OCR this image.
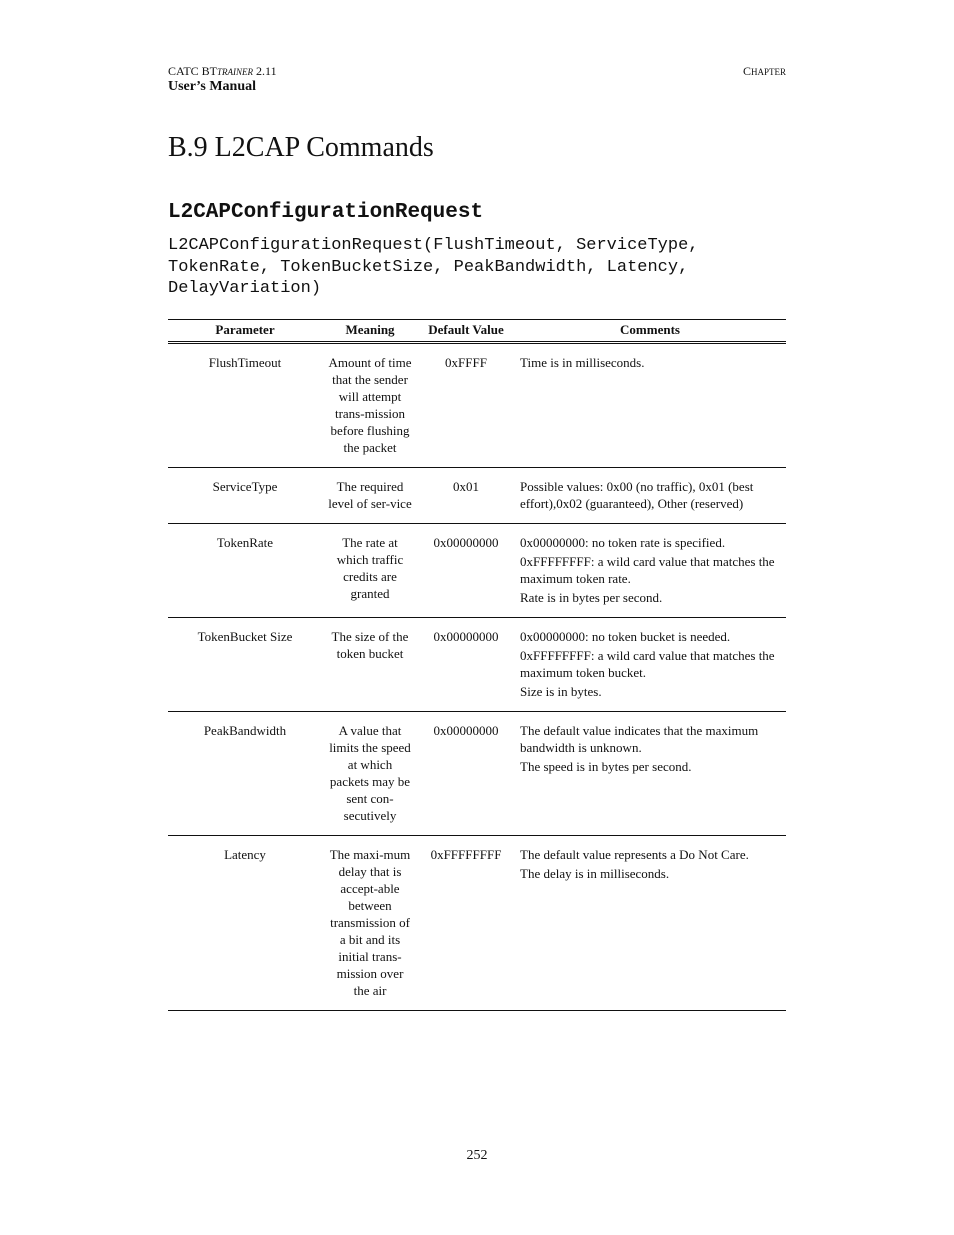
CATC BTTRAINER 2.11	CHAPTER
User’s Manual
B.9 L2CAP Commands
L2CAPConfigurationRequest
L2CAPConfigurationRequest(FlushTimeout, ServiceType,
TokenRate, TokenBucketSize, PeakBandwidth, Latency,
DelayVariation)
Parameter	Meaning	Default Value	Comments
FlushTimeout	Amount of time that the sender will attempt trans-mission before flushing the packet	0xFFFF	Time is in milliseconds.

ServiceType	The required level of ser-vice	0x01	Possible values: 0x00 (no traffic), 0x01 (best effort),0x02 (guaranteed), Other (reserved)

TokenRate	The rate at which traffic credits are granted	0x00000000	0x00000000: no token rate is specified.
0xFFFFFFFF: a wild card value that matches the maximum token rate.
Rate is in bytes per second.

TokenBucket Size	The size of the token bucket	0x00000000	0x00000000: no token bucket is needed.
0xFFFFFFFF: a wild card value that matches the maximum token bucket.
Size is in bytes.

PeakBandwidth	A value that limits the speed at which packets may be sent con-secutively	0x00000000	The default value indicates that the maximum bandwidth is unknown.
The speed is in bytes per second.

Latency	The maxi-mum delay that is accept-able between transmission of a bit and its initial trans-mission over the air	0xFFFFFFFF	The default value represents a Do Not Care.
The delay is in milliseconds.
252
